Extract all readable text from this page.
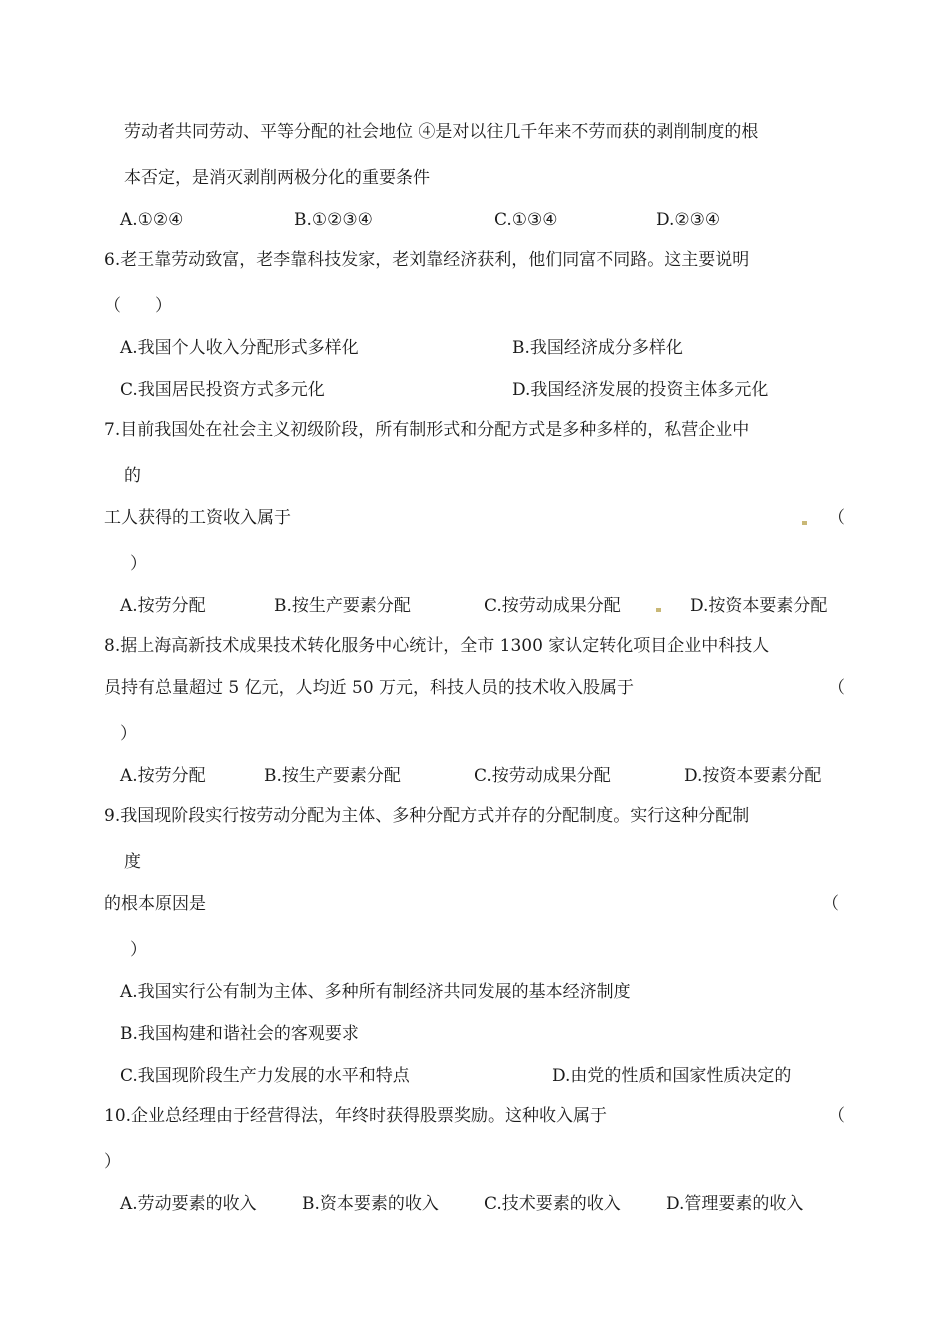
劳动者共同劳动、平等分配的社会地位 ④是对以往几千年来不劳而获的剥削制度的根
本否定，是消灭剥削两极分化的重要条件
A.①②④	B.①②③④	C.①③④	D.②③④
6.老王靠劳动致富，老李靠科技发家，老刘靠经济获利，他们同富不同路。这主要说明
（　　）
A.我国个人收入分配形式多样化	B.我国经济成分多样化
C.我国居民投资方式多元化	D.我国经济发展的投资主体多元化
7.目前我国处在社会主义初级阶段，所有制形式和分配方式是多种多样的，私营企业中
的
工人获得的工资收入属于	（
）
A.按劳分配	B.按生产要素分配	C.按劳动成果分配	D.按资本要素分配
8.据上海高新技术成果技术转化服务中心统计，全市 1300 家认定转化项目企业中科技人
员持有总量超过 5 亿元，人均近 50 万元，科技人员的技术收入股属于	（
）
A.按劳分配	B.按生产要素分配	C.按劳动成果分配	D.按资本要素分配
9.我国现阶段实行按劳动分配为主体、多种分配方式并存的分配制度。实行这种分配制
度
的根本原因是	（
）
A.我国实行公有制为主体、多种所有制经济共同发展的基本经济制度
B.我国构建和谐社会的客观要求
C.我国现阶段生产力发展的水平和特点	D.由党的性质和国家性质决定的
10.企业总经理由于经营得法，年终时获得股票奖励。这种收入属于	（
）
A.劳动要素的收入	B.资本要素的收入	C.技术要素的收入	D.管理要素的收入
